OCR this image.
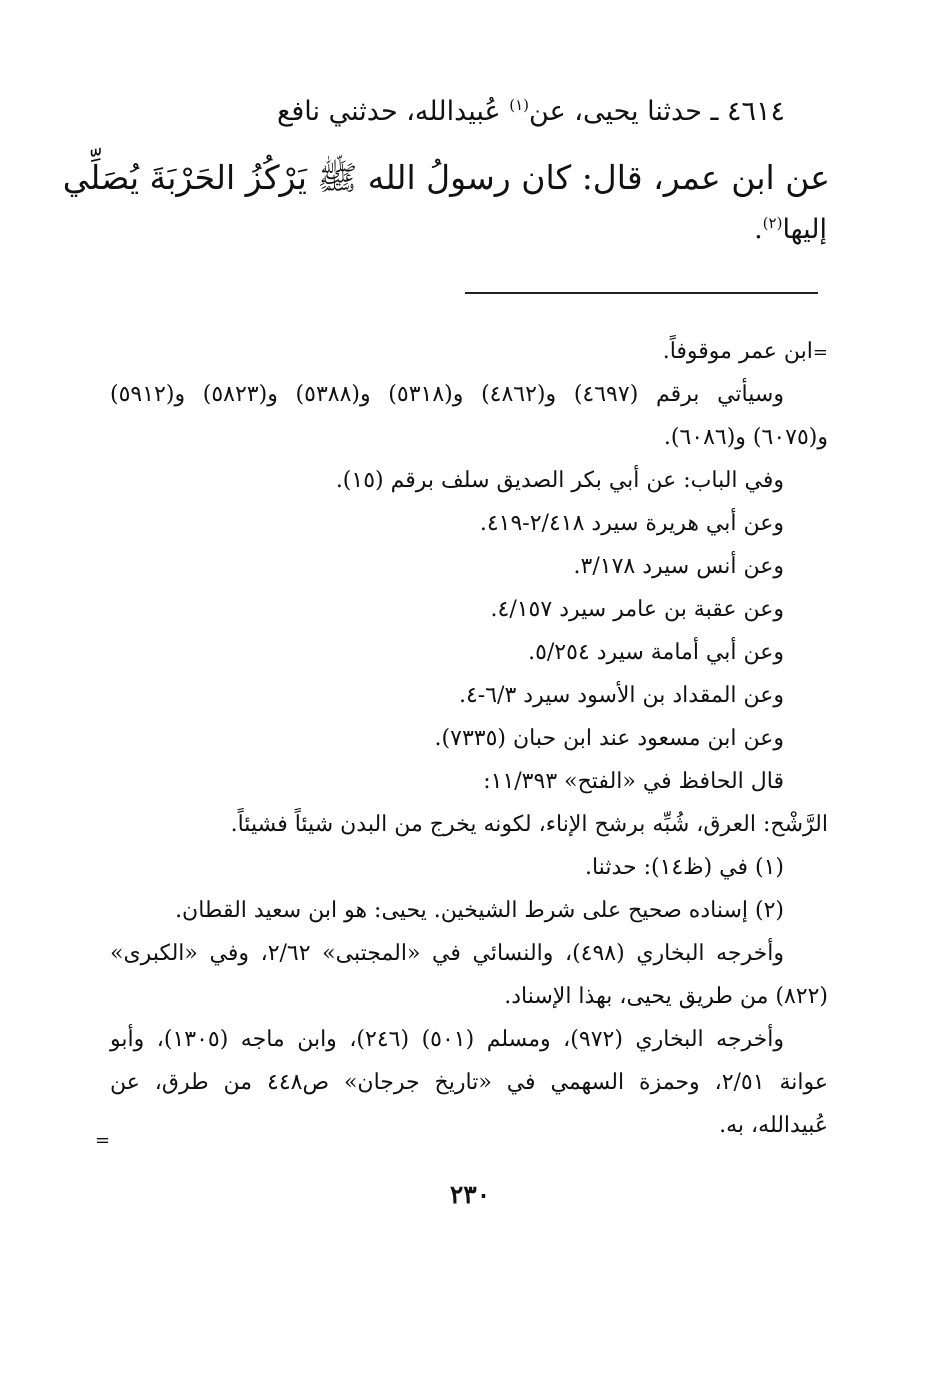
٤٦١٤ ـ حدثنا يحيى، عن$^{(١)}$ عُبيدالله، حدثني نافع
عن ابن عمر، قال: كان رسولُ الله ﷺ يَرْكُزُ الحَرْبَةَ يُصَلِّي
إليها$^{(٢)}$.
=ابن عمر موقوفاً.
وسيأتي برقم (٤٦٩٧) و(٤٨٦٢) و(٥٣١٨) و(٥٣٨٨) و(٥٨٢٣) و(٥٩١٢)
و(٦٠٧٥) و(٦٠٨٦).
وفي الباب: عن أبي بكر الصديق سلف برقم (١٥).
وعن أبي هريرة سيرد ٢/٤١٨-٤١٩.
وعن أنس سيرد ٣/١٧٨.
وعن عقبة بن عامر سيرد ٤/١٥٧.
وعن أبي أمامة سيرد ٥/٢٥٤.
وعن المقداد بن الأسود سيرد ٦/٣-٤.
وعن ابن مسعود عند ابن حبان (٧٣٣٥).
قال الحافظ في «الفتح» ١١/٣٩٣:
الرَّشْح: العرق، شُبِّه برشح الإناء، لكونه يخرج من البدن شيئاً فشيئاً.
(١) في (ظ١٤): حدثنا.
(٢) إسناده صحيح على شرط الشيخين. يحيى: هو ابن سعيد القطان.
وأخرجه البخاري (٤٩٨)، والنسائي في «المجتبى» ٢/٦٢، وفي «الكبرى»
(٨٢٢) من طريق يحيى، بهذا الإسناد.
وأخرجه البخاري (٩٧٢)، ومسلم (٥٠١) (٢٤٦)، وابن ماجه (١٣٠٥)، وأبو
عوانة ٢/٥١، وحمزة السهمي في «تاريخ جرجان» ص٤٤٨ من طرق، عن
عُبيدالله، به.
=
٢٣٠
